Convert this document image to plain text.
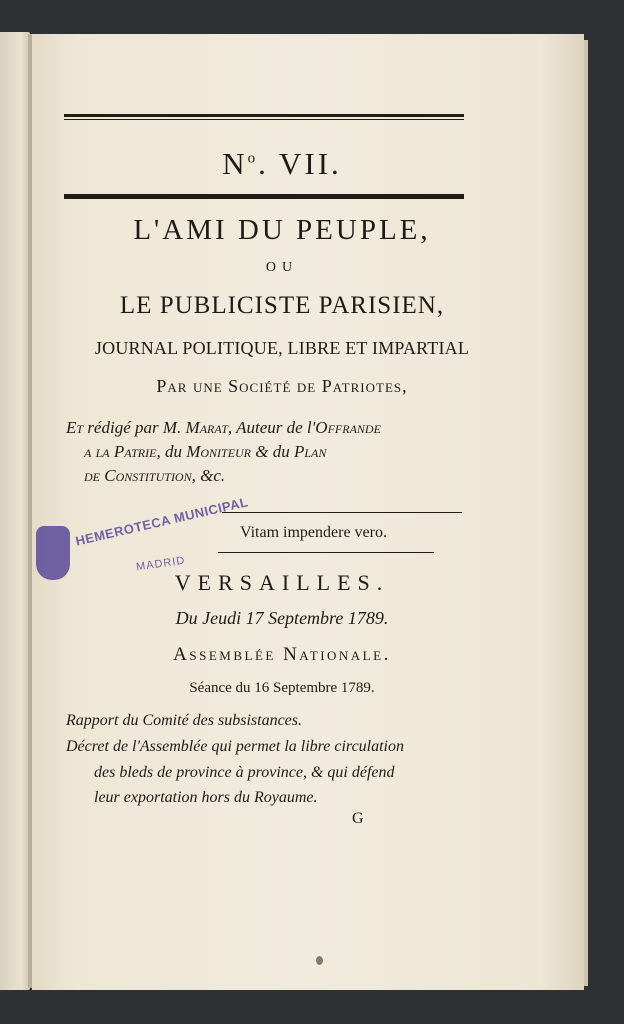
$N^o$. VII.
L'AMI DU PEUPLE,
OU
LE PUBLICISTE PARISIEN,
JOURNAL POLITIQUE, LIBRE ET IMPARTIAL
Par une Société de Patriotes,
Et rédigé par M. Marat, Auteur de l'Offrande
a la Patrie, du Moniteur & du Plan
de Constitution, &c.
Vitam impendere vero.
HEMEROTECA MUNICIPAL
MADRID
VERSAILLES.
Du Jeudi 17 Septembre 1789.
Assemblée Nationale.
Séance du 16 Septembre 1789.
Rapport du Comité des subsistances.
Décret de l'Assemblée qui permet la libre circulation
des bleds de province à province, & qui défend
leur exportation hors du Royaume.
G
